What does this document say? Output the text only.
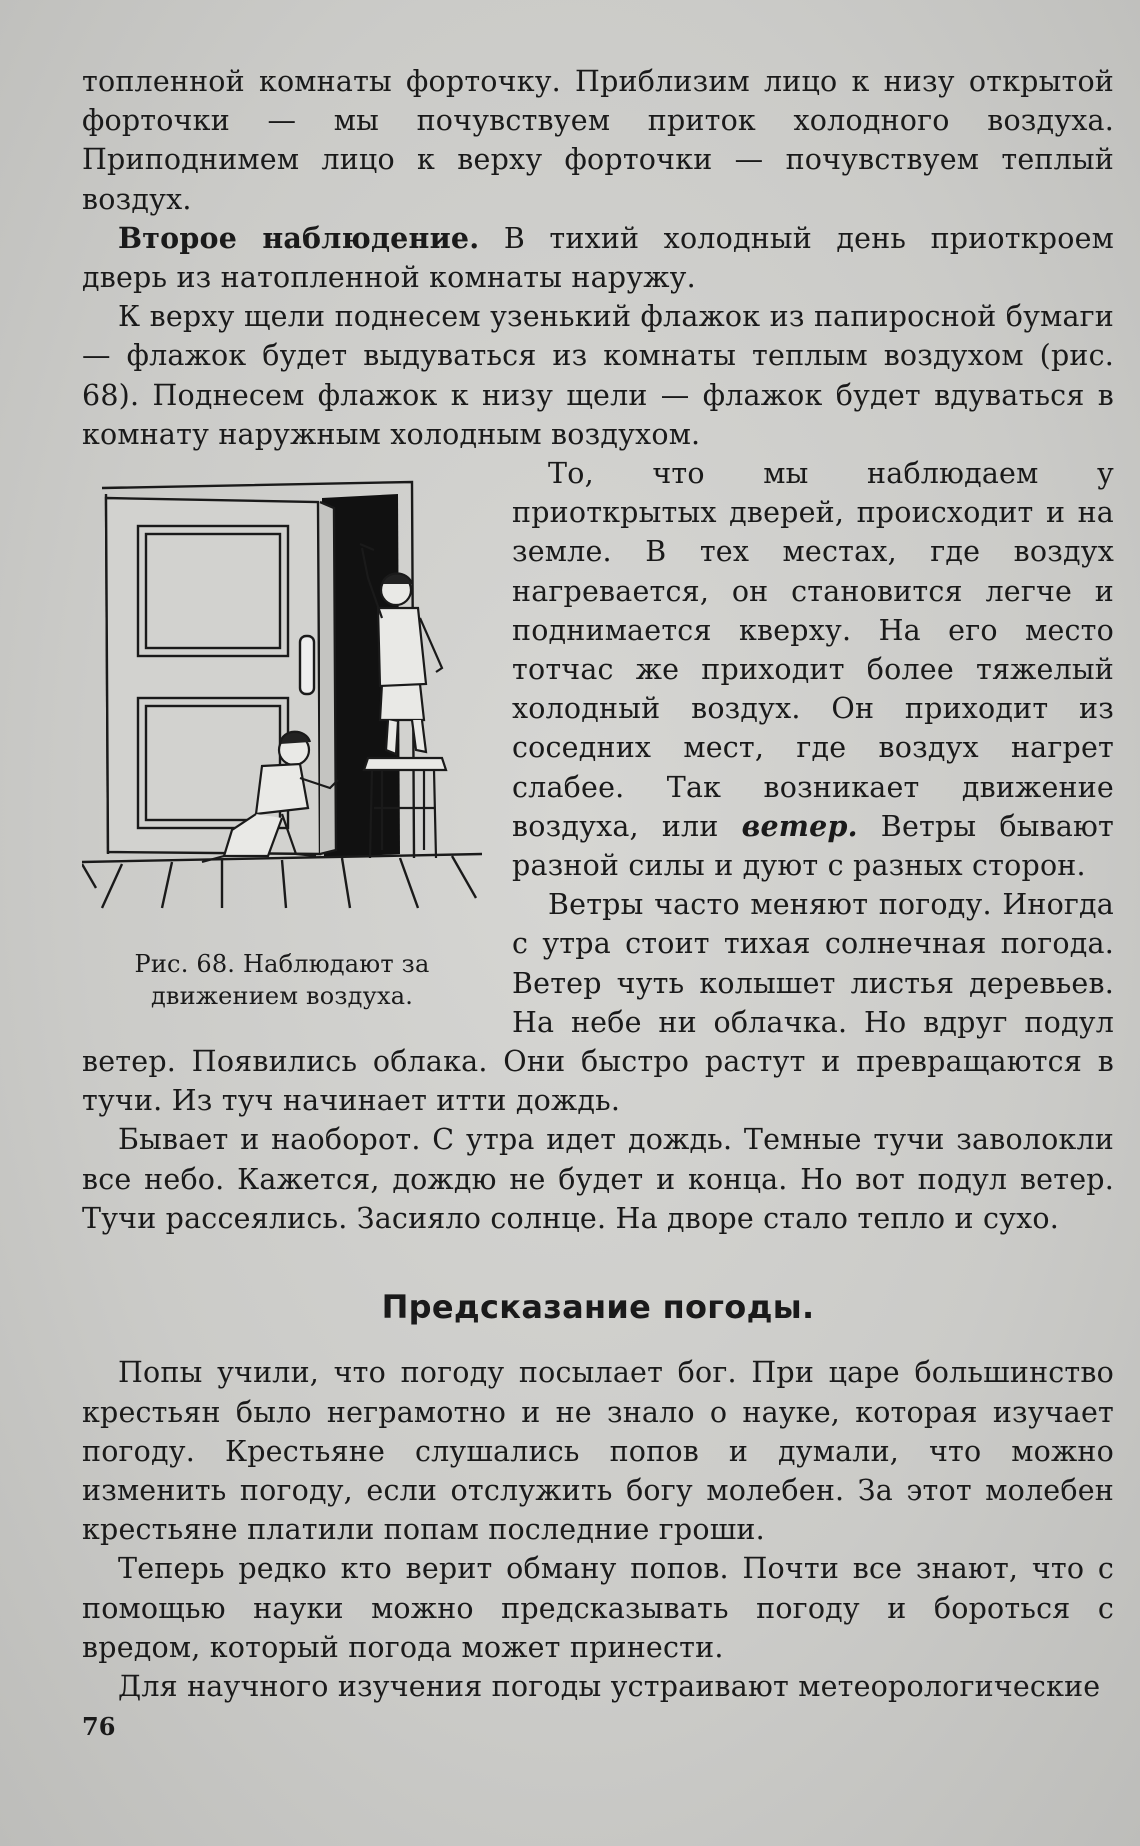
топленной комнаты форточку. Приблизим лицо к низу открытой форточки — мы почувствуем приток холодного воздуха. Приподнимем лицо к верху форточки — почувствуем теплый воздух.

Второе наблюдение. В тихий холодный день приоткроем дверь из натопленной комнаты наружу.

К верху щели поднесем узенький флажок из папиросной бумаги — флажок будет выдуваться из комнаты теплым воздухом (рис. 68). Поднесем флажок к низу щели — флажок будет вдуваться в комнату наружным холодным воздухом.

Рис. 68. Наблюдают за движением воздуха.

То, что мы наблюдаем у приоткрытых дверей, происходит и на земле. В тех местах, где воздух нагревается, он становится легче и поднимается кверху. На его место тотчас же приходит более тяжелый холодный воздух. Он приходит из соседних мест, где воздух нагрет слабее. Так возникает движение воздуха, или ветер. Ветры бывают разной силы и дуют с разных сторон.

Ветры часто меняют погоду. Иногда с утра стоит тихая солнечная погода. Ветер чуть колышет листья деревьев. На небе ни облачка. Но вдруг подул ветер. Появились облака. Они быстро растут и превращаются в тучи. Из туч начинает итти дождь.

Бывает и наоборот. С утра идет дождь. Темные тучи заволокли все небо. Кажется, дождю не будет и конца. Но вот подул ветер. Тучи рассеялись. Засияло солнце. На дворе стало тепло и сухо.

Предсказание погоды.

Попы учили, что погоду посылает бог. При царе большинство крестьян было неграмотно и не знало о науке, которая изучает погоду. Крестьяне слушались попов и думали, что можно изменить погоду, если отслужить богу молебен. За этот молебен крестьяне платили попам последние гроши.

Теперь редко кто верит обману попов. Почти все знают, что с помощью науки можно предсказывать погоду и бороться с вредом, который погода может принести.

Для научного изучения погоды устраивают метеорологические

76
